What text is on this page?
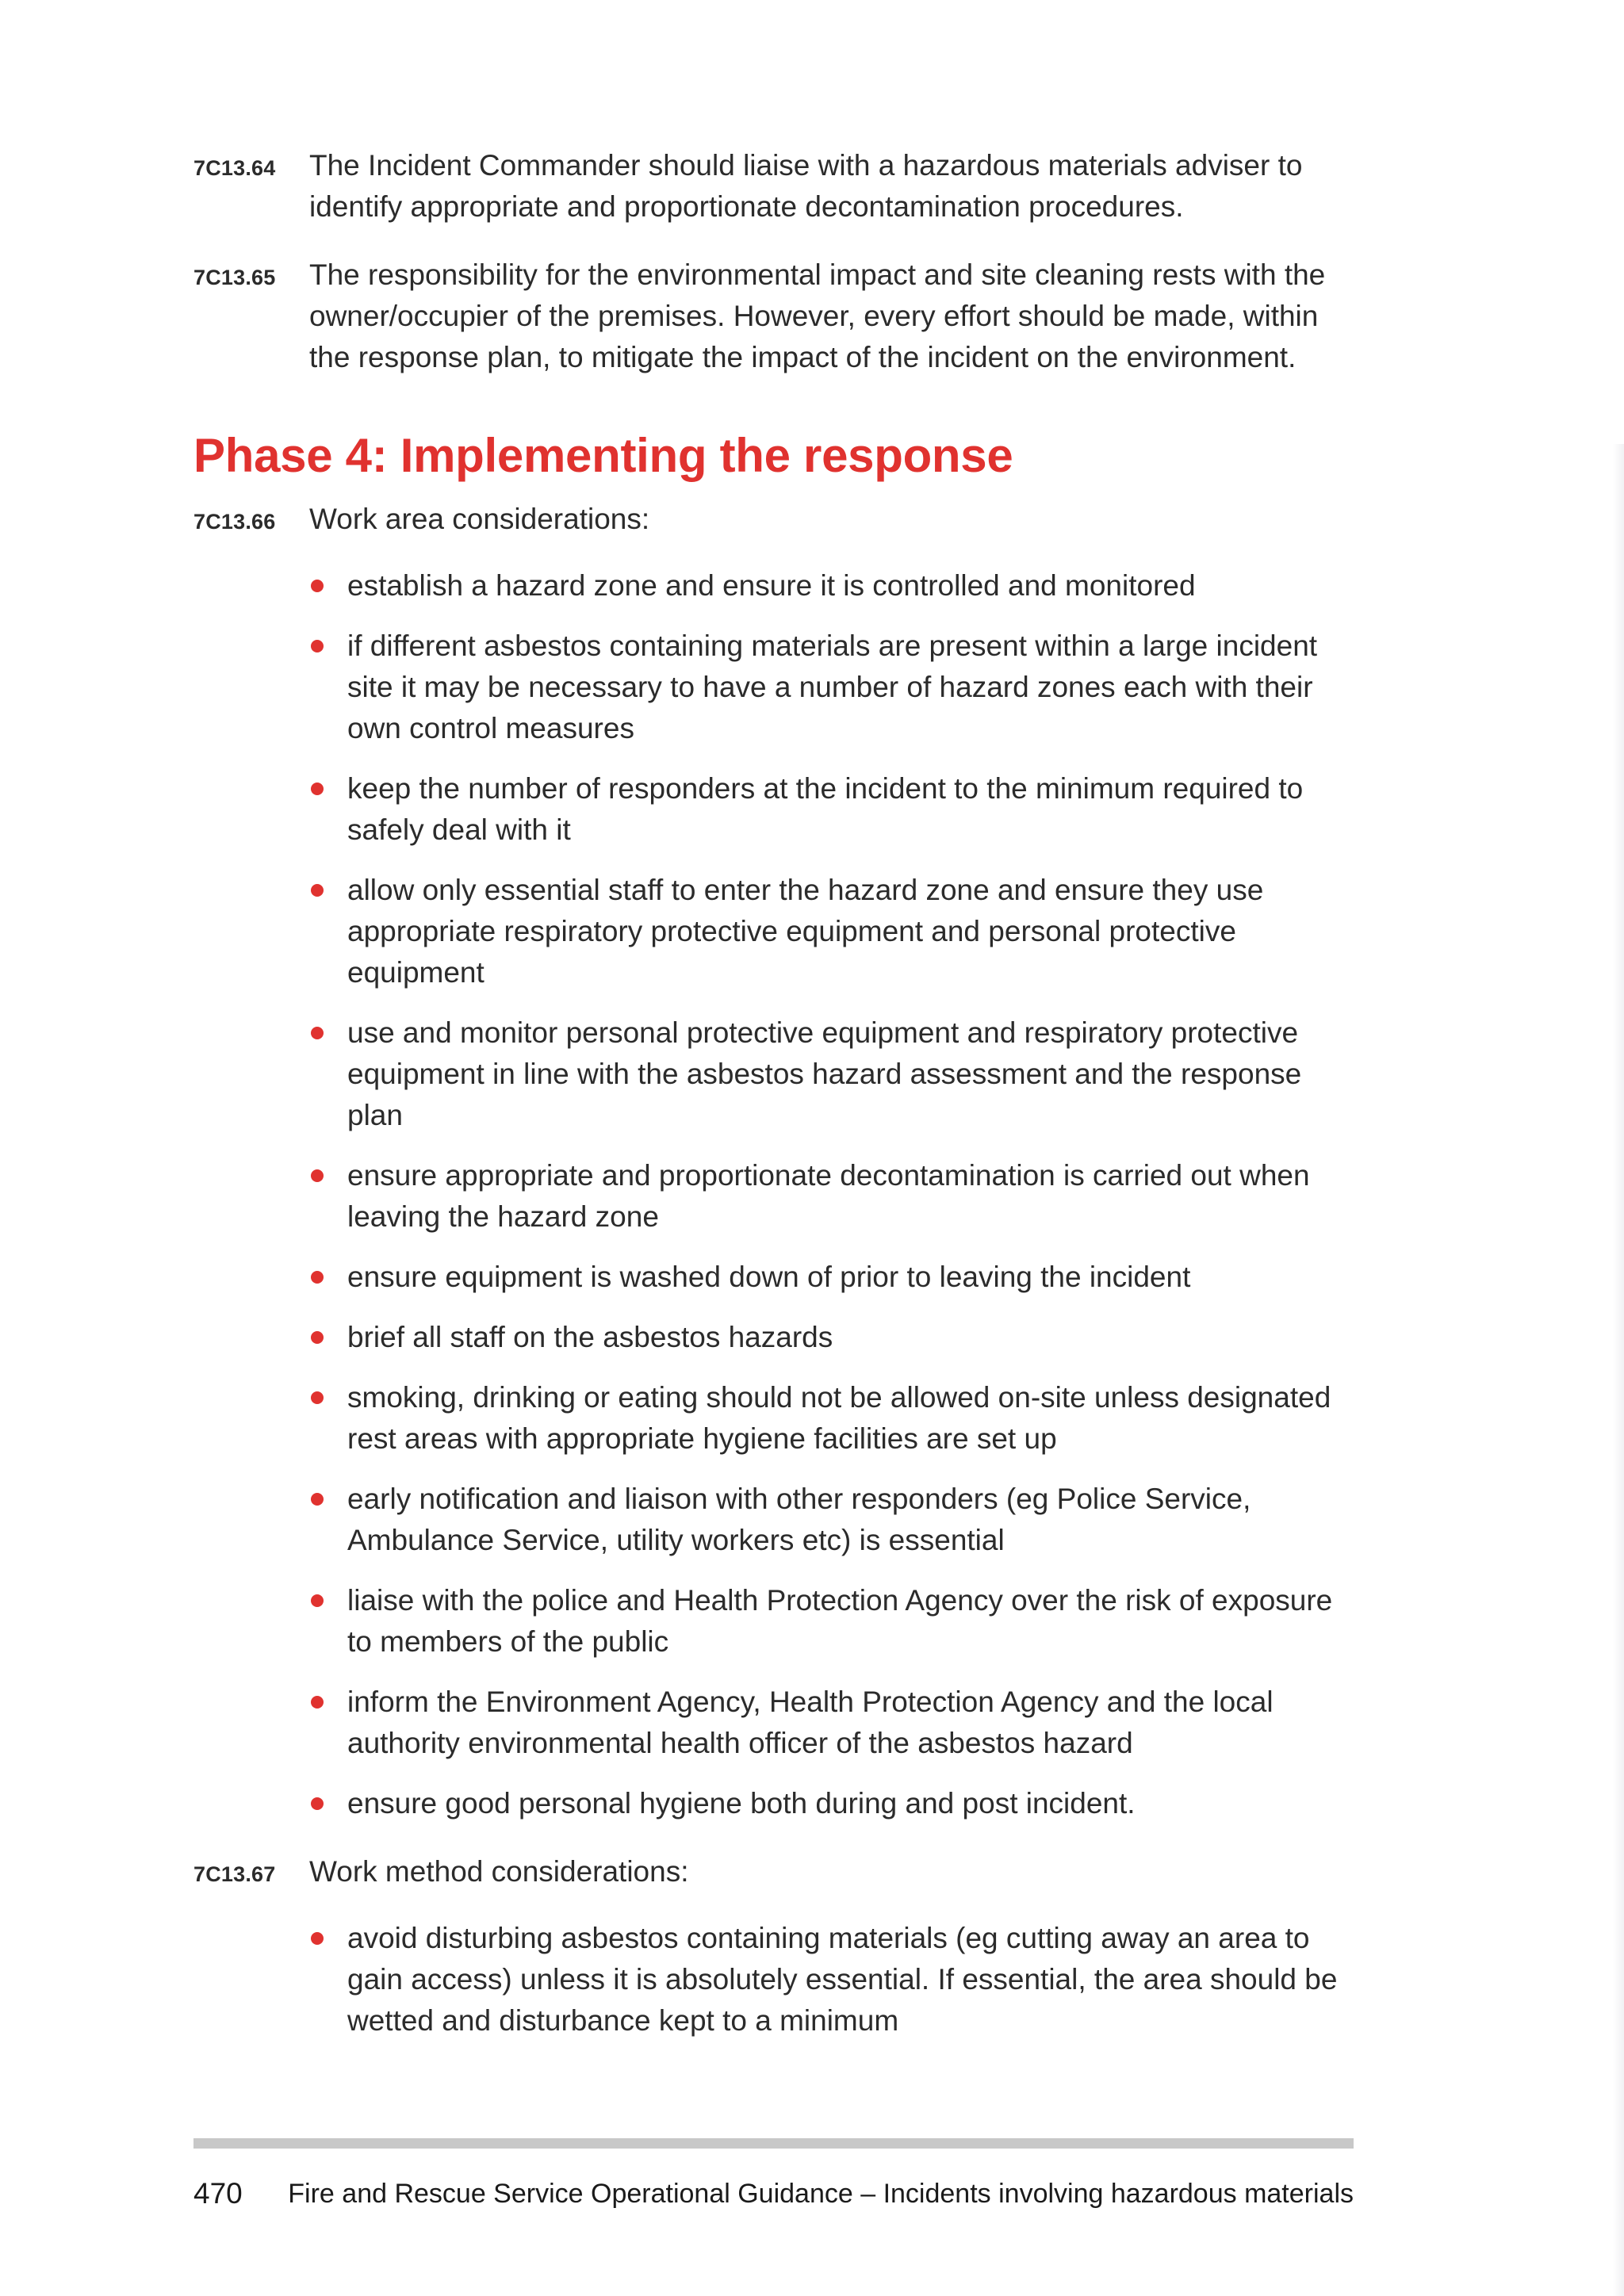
7C13.64 The Incident Commander should liaise with a hazardous materials adviser to identify appropriate and proportionate decontamination procedures.
7C13.65 The responsibility for the environmental impact and site cleaning rests with the owner/occupier of the premises. However, every effort should be made, within the response plan, to mitigate the impact of the incident on the environment.
Phase 4: Implementing the response
7C13.66 Work area considerations:
establish a hazard zone and ensure it is controlled and monitored
if different asbestos containing materials are present within a large incident site it may be necessary to have a number of hazard zones each with their own control measures
keep the number of responders at the incident to the minimum required to safely deal with it
allow only essential staff to enter the hazard zone and ensure they use appropriate respiratory protective equipment and personal protective equipment
use and monitor personal protective equipment and respiratory protective equipment in line with the asbestos hazard assessment and the response plan
ensure appropriate and proportionate decontamination is carried out when leaving the hazard zone
ensure equipment is washed down of prior to leaving the incident
brief all staff on the asbestos hazards
smoking, drinking or eating should not be allowed on-site unless designated rest areas with appropriate hygiene facilities are set up
early notification and liaison with other responders (eg Police Service, Ambulance Service, utility workers etc) is essential
liaise with the police and Health Protection Agency over the risk of exposure to members of the public
inform the Environment Agency, Health Protection Agency and the local authority environmental health officer of the asbestos hazard
ensure good personal hygiene both during and post incident.
7C13.67 Work method considerations:
avoid disturbing asbestos containing materials (eg cutting away an area to gain access) unless it is absolutely essential. If essential, the area should be wetted and disturbance kept to a minimum
470 Fire and Rescue Service Operational Guidance – Incidents involving hazardous materials
